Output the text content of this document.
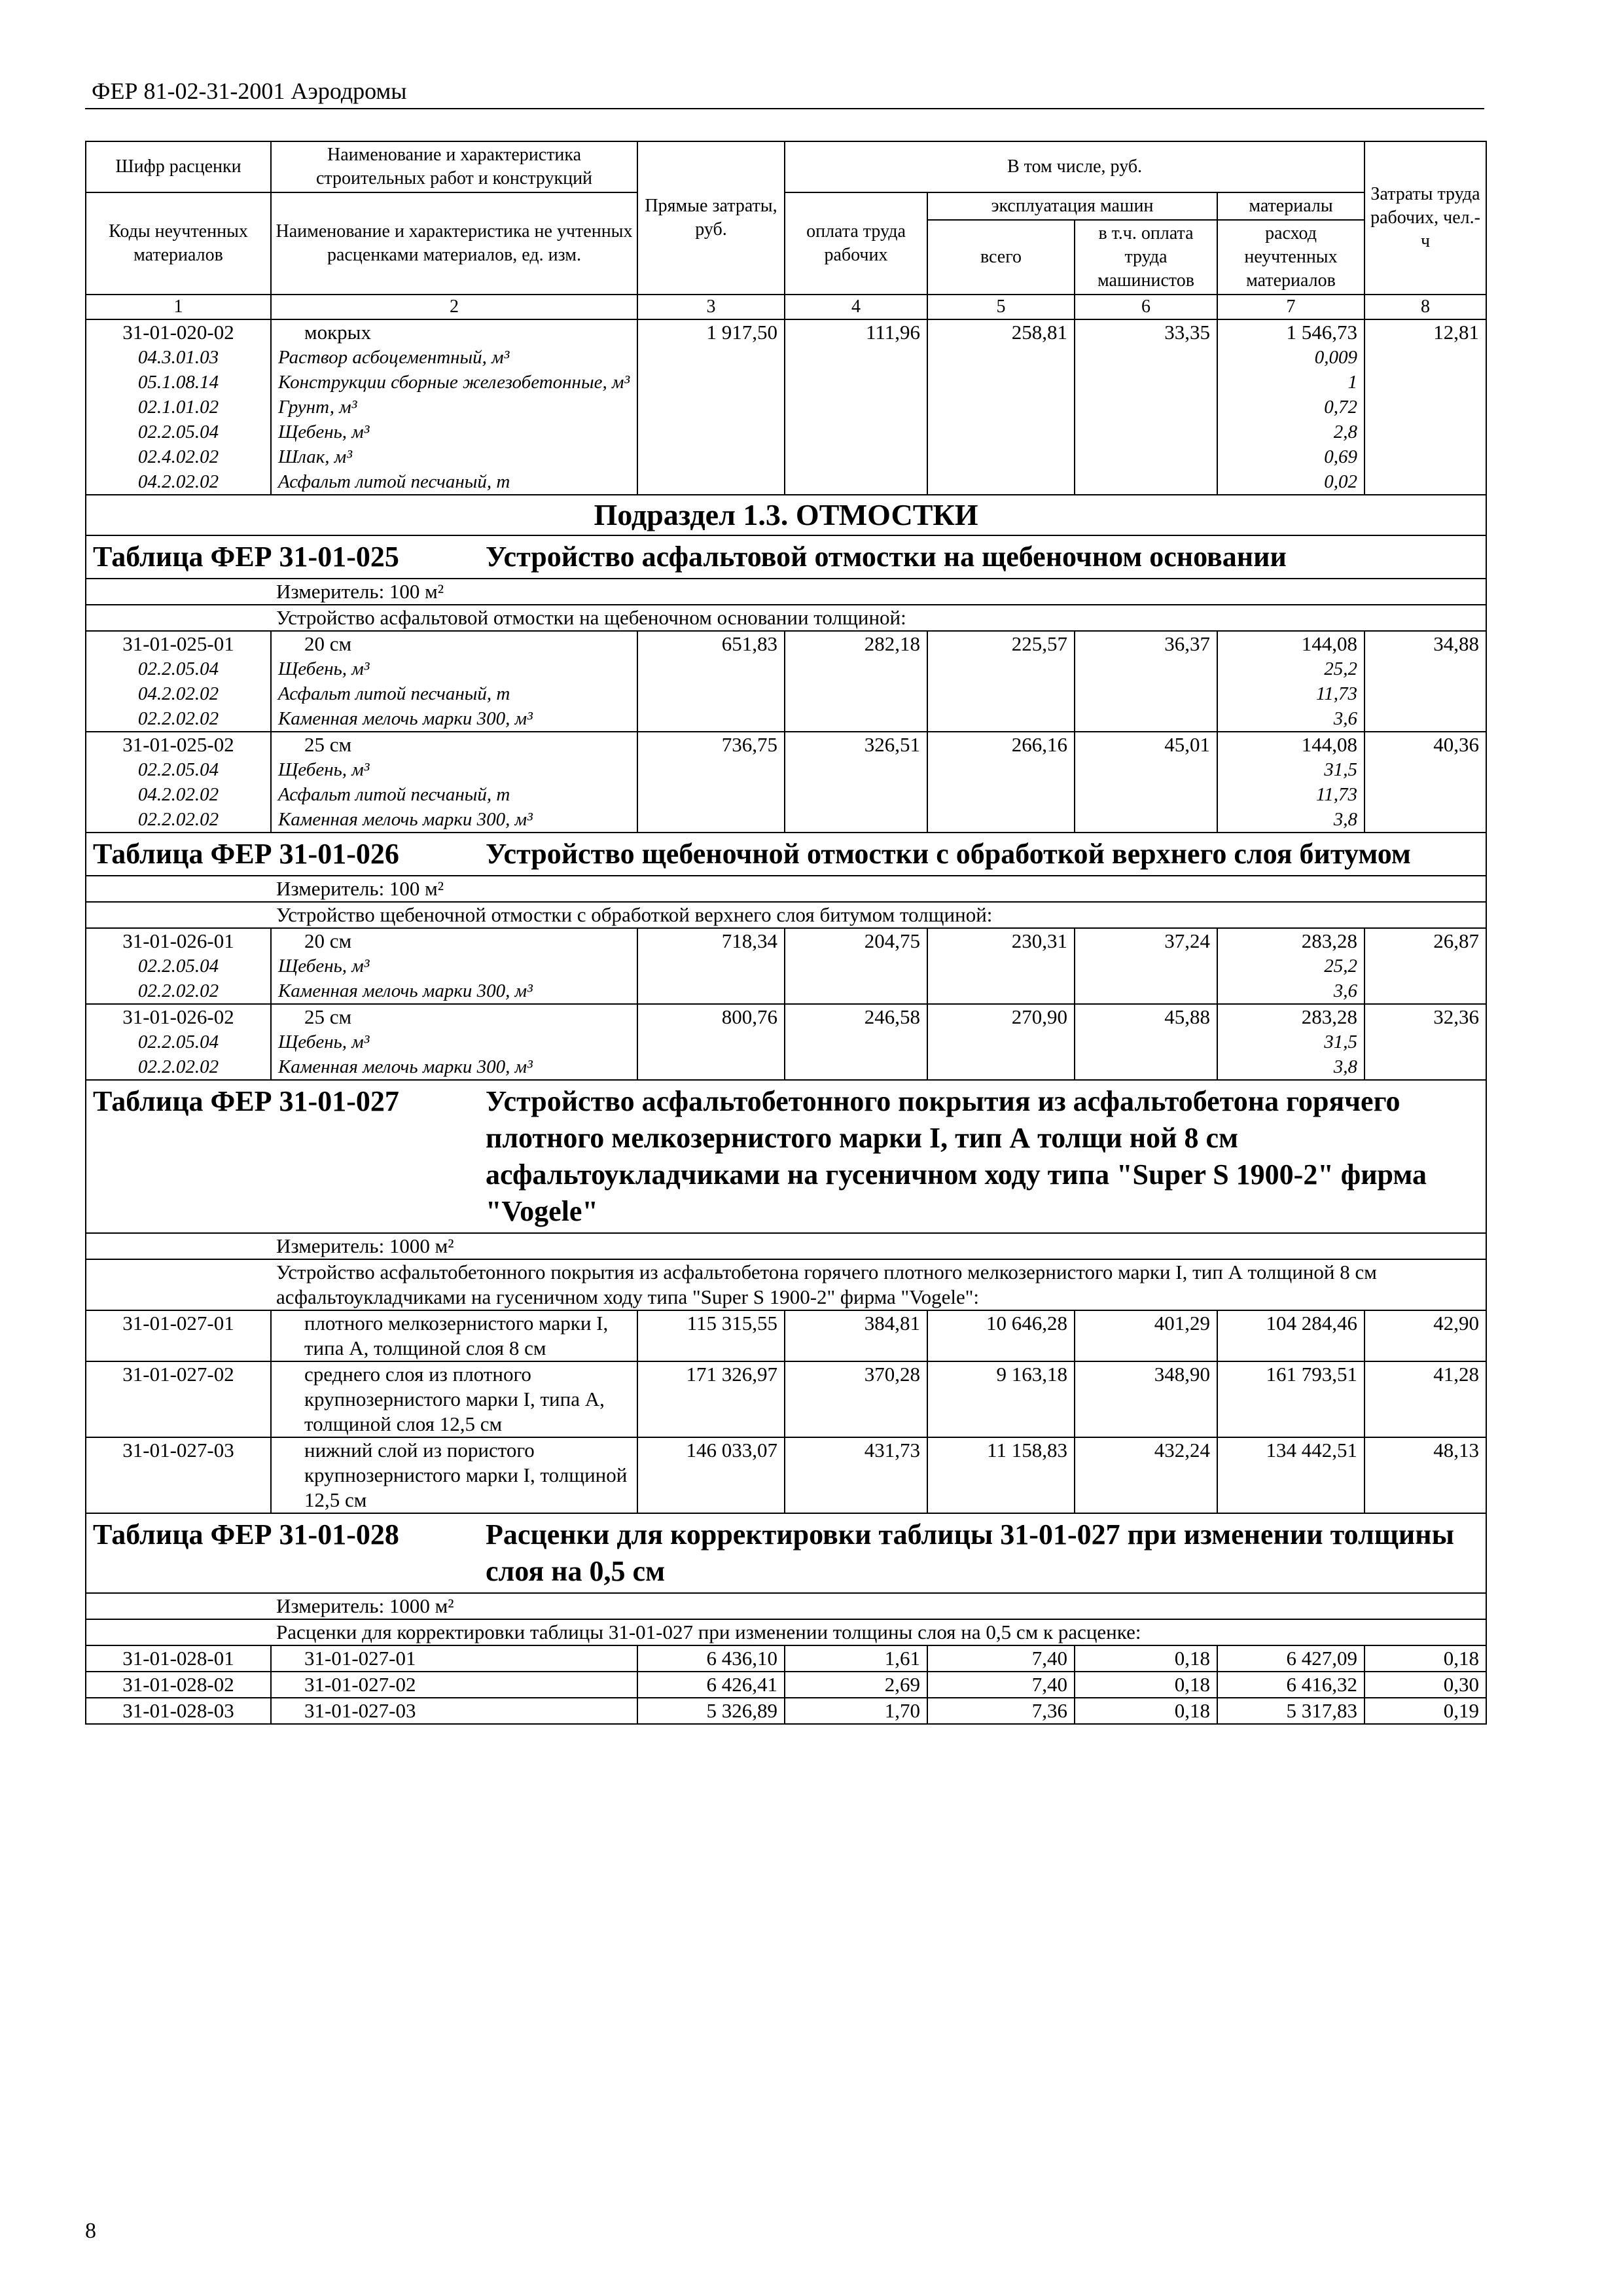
ФЕР 81-02-31-2001 Аэродромы
Шифр расценки	Наименование и характеристика строительных работ и конструкций	Прямые затраты, руб.	В том числе, руб.				Затраты труда рабочих, чел.-ч
Коды неучтенных материалов	Наименование и характеристика не учтенных расценками материалов, ед. изм.		оплата труда рабочих	эксплуатация машин		материалы	
				всего	в т.ч. оплата труда машинистов	расход неучтенных материалов	
1	2	3	4	5	6	7	8
31-01-020-02	мокрых	1 917,50	111,96	258,81	33,35	1 546,73	12,81
04.3.01.03	Раствор асбоцементный, м³					0,009	
05.1.08.14	Конструкции сборные железобетонные, м³					1	
02.1.01.02	Грунт, м³					0,72	
02.2.05.04	Щебень, м³					2,8	
02.4.02.02	Шлак, м³					0,69	
04.2.02.02	Асфальт литой песчаный, т					0,02	
Подраздел 1.3. ОТМОСТКИ							
Таблица ФЕР 31-01-025 Устройство асфальтовой отмостки на щебеночном основании							
Измеритель: 100 м²							
Устройство асфальтовой отмостки на щебеночном основании толщиной:							
31-01-025-01	20 см	651,83	282,18	225,57	36,37	144,08	34,88
02.2.05.04	Щебень, м³					25,2	
04.2.02.02	Асфальт литой песчаный, т					11,73	
02.2.02.02	Каменная мелочь марки 300, м³					3,6	
31-01-025-02	25 см	736,75	326,51	266,16	45,01	144,08	40,36
02.2.05.04	Щебень, м³					31,5	
04.2.02.02	Асфальт литой песчаный, т					11,73	
02.2.02.02	Каменная мелочь марки 300, м³					3,8	
Таблица ФЕР 31-01-026 Устройство щебеночной отмостки с обработкой верхнего слоя битумом							
Измеритель: 100 м²							
Устройство щебеночной отмостки с обработкой верхнего слоя битумом толщиной:							
31-01-026-01	20 см	718,34	204,75	230,31	37,24	283,28	26,87
02.2.05.04	Щебень, м³					25,2	
02.2.02.02	Каменная мелочь марки 300, м³					3,6	
31-01-026-02	25 см	800,76	246,58	270,90	45,88	283,28	32,36
02.2.05.04	Щебень, м³					31,5	
02.2.02.02	Каменная мелочь марки 300, м³					3,8	
Таблица ФЕР 31-01-027 Устройство асфальтобетонного покрытия из асфальтобетона горячего плотного мелкозернистого марки I, тип А толщи ной 8 см асфальтоукладчиками на гусеничном ходу типа "Super S 1900-2" фирма "Vogele"							
Измеритель: 1000 м²							
Устройство асфальтобетонного покрытия из асфальтобетона горячего плотного мелкозернистого марки I, тип А толщиной 8 см асфальтоукладчиками на гусеничном ходу типа "Super S 1900-2" фирма "Vogele":							
31-01-027-01	плотного мелкозернистого марки I, типа А, толщиной слоя 8 см	115 315,55	384,81	10 646,28	401,29	104 284,46	42,90
31-01-027-02	среднего слоя из плотного крупнозернистого марки I, типа А, толщиной слоя 12,5 см	171 326,97	370,28	9 163,18	348,90	161 793,51	41,28
31-01-027-03	нижний слой из пористого крупнозернистого марки I, толщиной 12,5 см	146 033,07	431,73	11 158,83	432,24	134 442,51	48,13
Таблица ФЕР 31-01-028 Расценки для корректировки таблицы 31-01-027 при изменении толщины слоя на 0,5 см							
Измеритель: 1000 м²							
Расценки для корректировки таблицы 31-01-027 при изменении толщины слоя на 0,5 см к расценке:							
31-01-028-01	31-01-027-01	6 436,10	1,61	7,40	0,18	6 427,09	0,18
31-01-028-02	31-01-027-02	6 426,41	2,69	7,40	0,18	6 416,32	0,30
31-01-028-03	31-01-027-03	5 326,89	1,70	7,36	0,18	5 317,83	0,19
8
